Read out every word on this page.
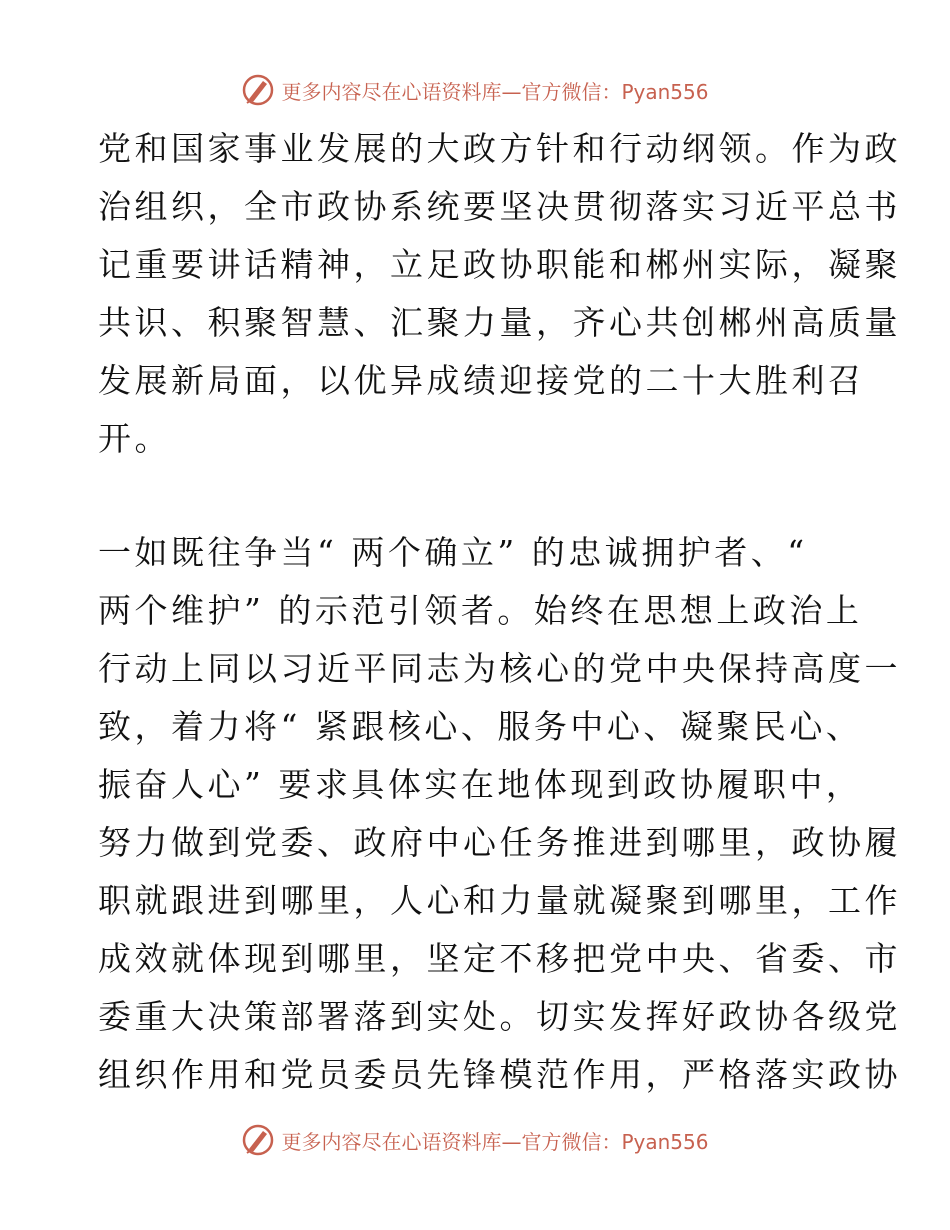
更多内容尽在心语资料库—官方微信：Pyan556
党和国家事业发展的大政方针和行动纲领。作为政
治组织，全市政协系统要坚决贯彻落实习近平总书
记重要讲话精神，立足政协职能和郴州实际，凝聚
共识、积聚智慧、汇聚力量，齐心共创郴州高质量
发展新局面，以优异成绩迎接党的二十大胜利召
开。
一如既往争当“ 两个确立” 的忠诚拥护者、“
两个维护” 的示范引领者。始终在思想上政治上
行动上同以习近平同志为核心的党中央保持高度一
致，着力将“ 紧跟核心、服务中心、凝聚民心、
振奋人心” 要求具体实在地体现到政协履职中，
努力做到党委、政府中心任务推进到哪里，政协履
职就跟进到哪里，人心和力量就凝聚到哪里，工作
成效就体现到哪里，坚定不移把党中央、省委、市
委重大决策部署落到实处。切实发挥好政协各级党
组织作用和党员委员先锋模范作用，严格落实政协
更多内容尽在心语资料库—官方微信：Pyan556
